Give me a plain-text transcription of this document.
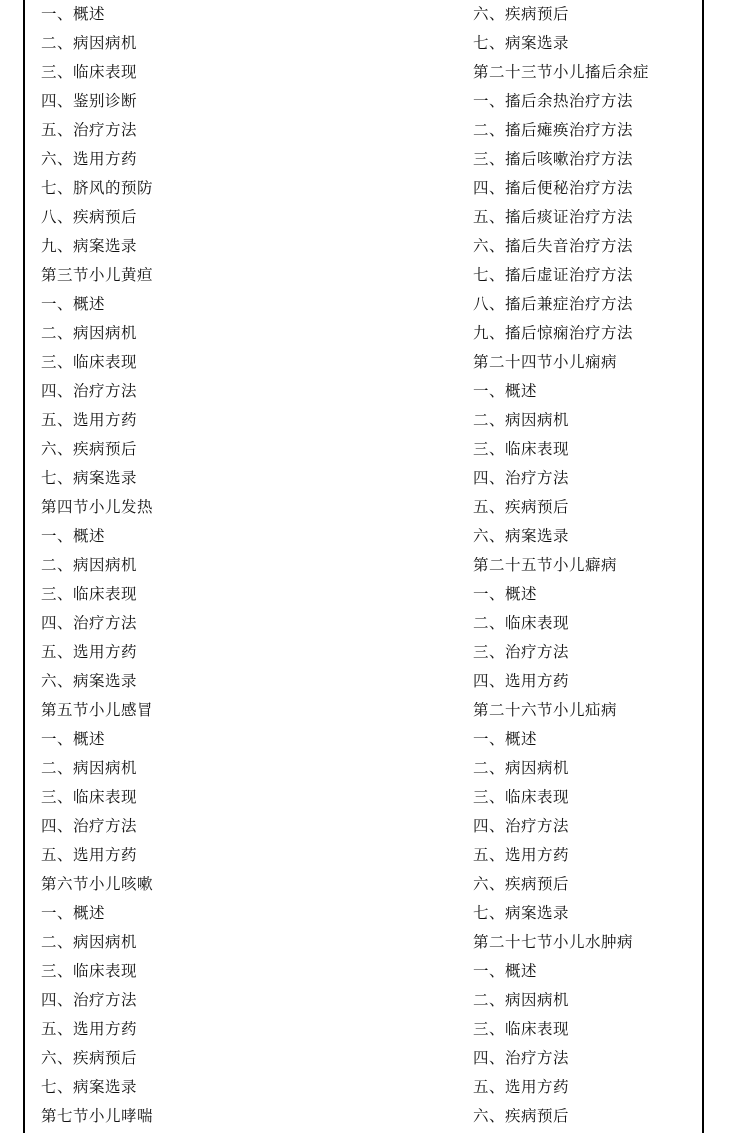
一、概述
二、病因病机
三、临床表现
四、鉴别诊断
五、治疗方法
六、选用方药
七、脐风的预防
八、疾病预后
九、病案选录
第三节小儿黄疸
一、概述
二、病因病机
三、临床表现
四、治疗方法
五、选用方药
六、疾病预后
七、病案选录
第四节小儿发热
一、概述
二、病因病机
三、临床表现
四、治疗方法
五、选用方药
六、病案选录
第五节小儿感冒
一、概述
二、病因病机
三、临床表现
四、治疗方法
五、选用方药
第六节小儿咳嗽
一、概述
二、病因病机
三、临床表现
四、治疗方法
五、选用方药
六、疾病预后
七、病案选录
第七节小儿哮喘
六、疾病预后
七、病案选录
第二十三节小儿搐后余症
一、搐后余热治疗方法
二、搐后瘫痪治疗方法
三、搐后咳嗽治疗方法
四、搐后便秘治疗方法
五、搐后痰证治疗方法
六、搐后失音治疗方法
七、搐后虚证治疗方法
八、搐后兼症治疗方法
九、搐后惊痫治疗方法
第二十四节小儿痫病
一、概述
二、病因病机
三、临床表现
四、治疗方法
五、疾病预后
六、病案选录
第二十五节小儿癖病
一、概述
二、临床表现
三、治疗方法
四、选用方药
第二十六节小儿疝病
一、概述
二、病因病机
三、临床表现
四、治疗方法
五、选用方药
六、疾病预后
七、病案选录
第二十七节小儿水肿病
一、概述
二、病因病机
三、临床表现
四、治疗方法
五、选用方药
六、疾病预后
